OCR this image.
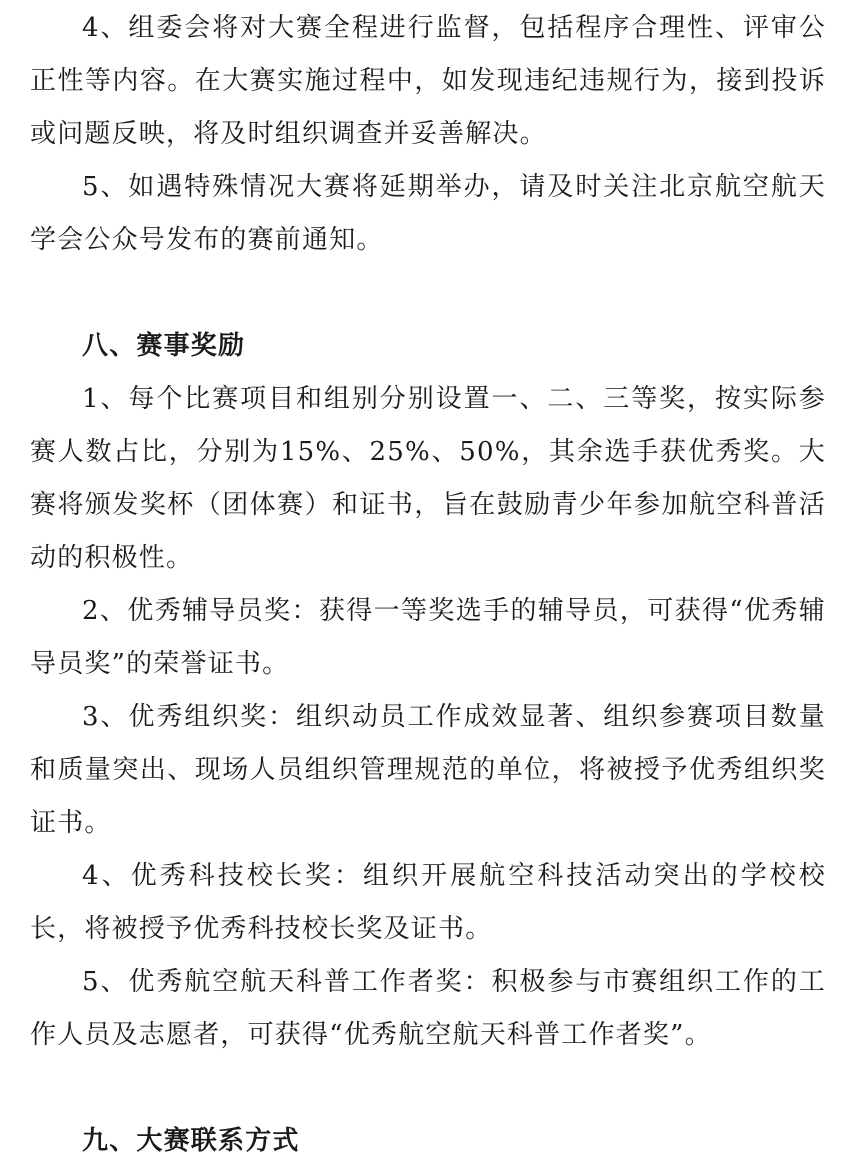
4、组委会将对大赛全程进行监督，包括程序合理性、评审公正性等内容。在大赛实施过程中，如发现违纪违规行为，接到投诉或问题反映，将及时组织调查并妥善解决。

5、如遇特殊情况大赛将延期举办，请及时关注北京航空航天学会公众号发布的赛前通知。

八、赛事奖励

1、每个比赛项目和组别分别设置一、二、三等奖，按实际参赛人数占比，分别为15%、25%、50%，其余选手获优秀奖。大赛将颁发奖杯（团体赛）和证书，旨在鼓励青少年参加航空科普活动的积极性。

2、优秀辅导员奖：获得一等奖选手的辅导员，可获得“优秀辅导员奖”的荣誉证书。

3、优秀组织奖：组织动员工作成效显著、组织参赛项目数量和质量突出、现场人员组织管理规范的单位，将被授予优秀组织奖证书。

4、优秀科技校长奖：组织开展航空科技活动突出的学校校长，将被授予优秀科技校长奖及证书。

5、优秀航空航天科普工作者奖：积极参与市赛组织工作的工作人员及志愿者，可获得“优秀航空航天科普工作者奖”。

九、大赛联系方式
